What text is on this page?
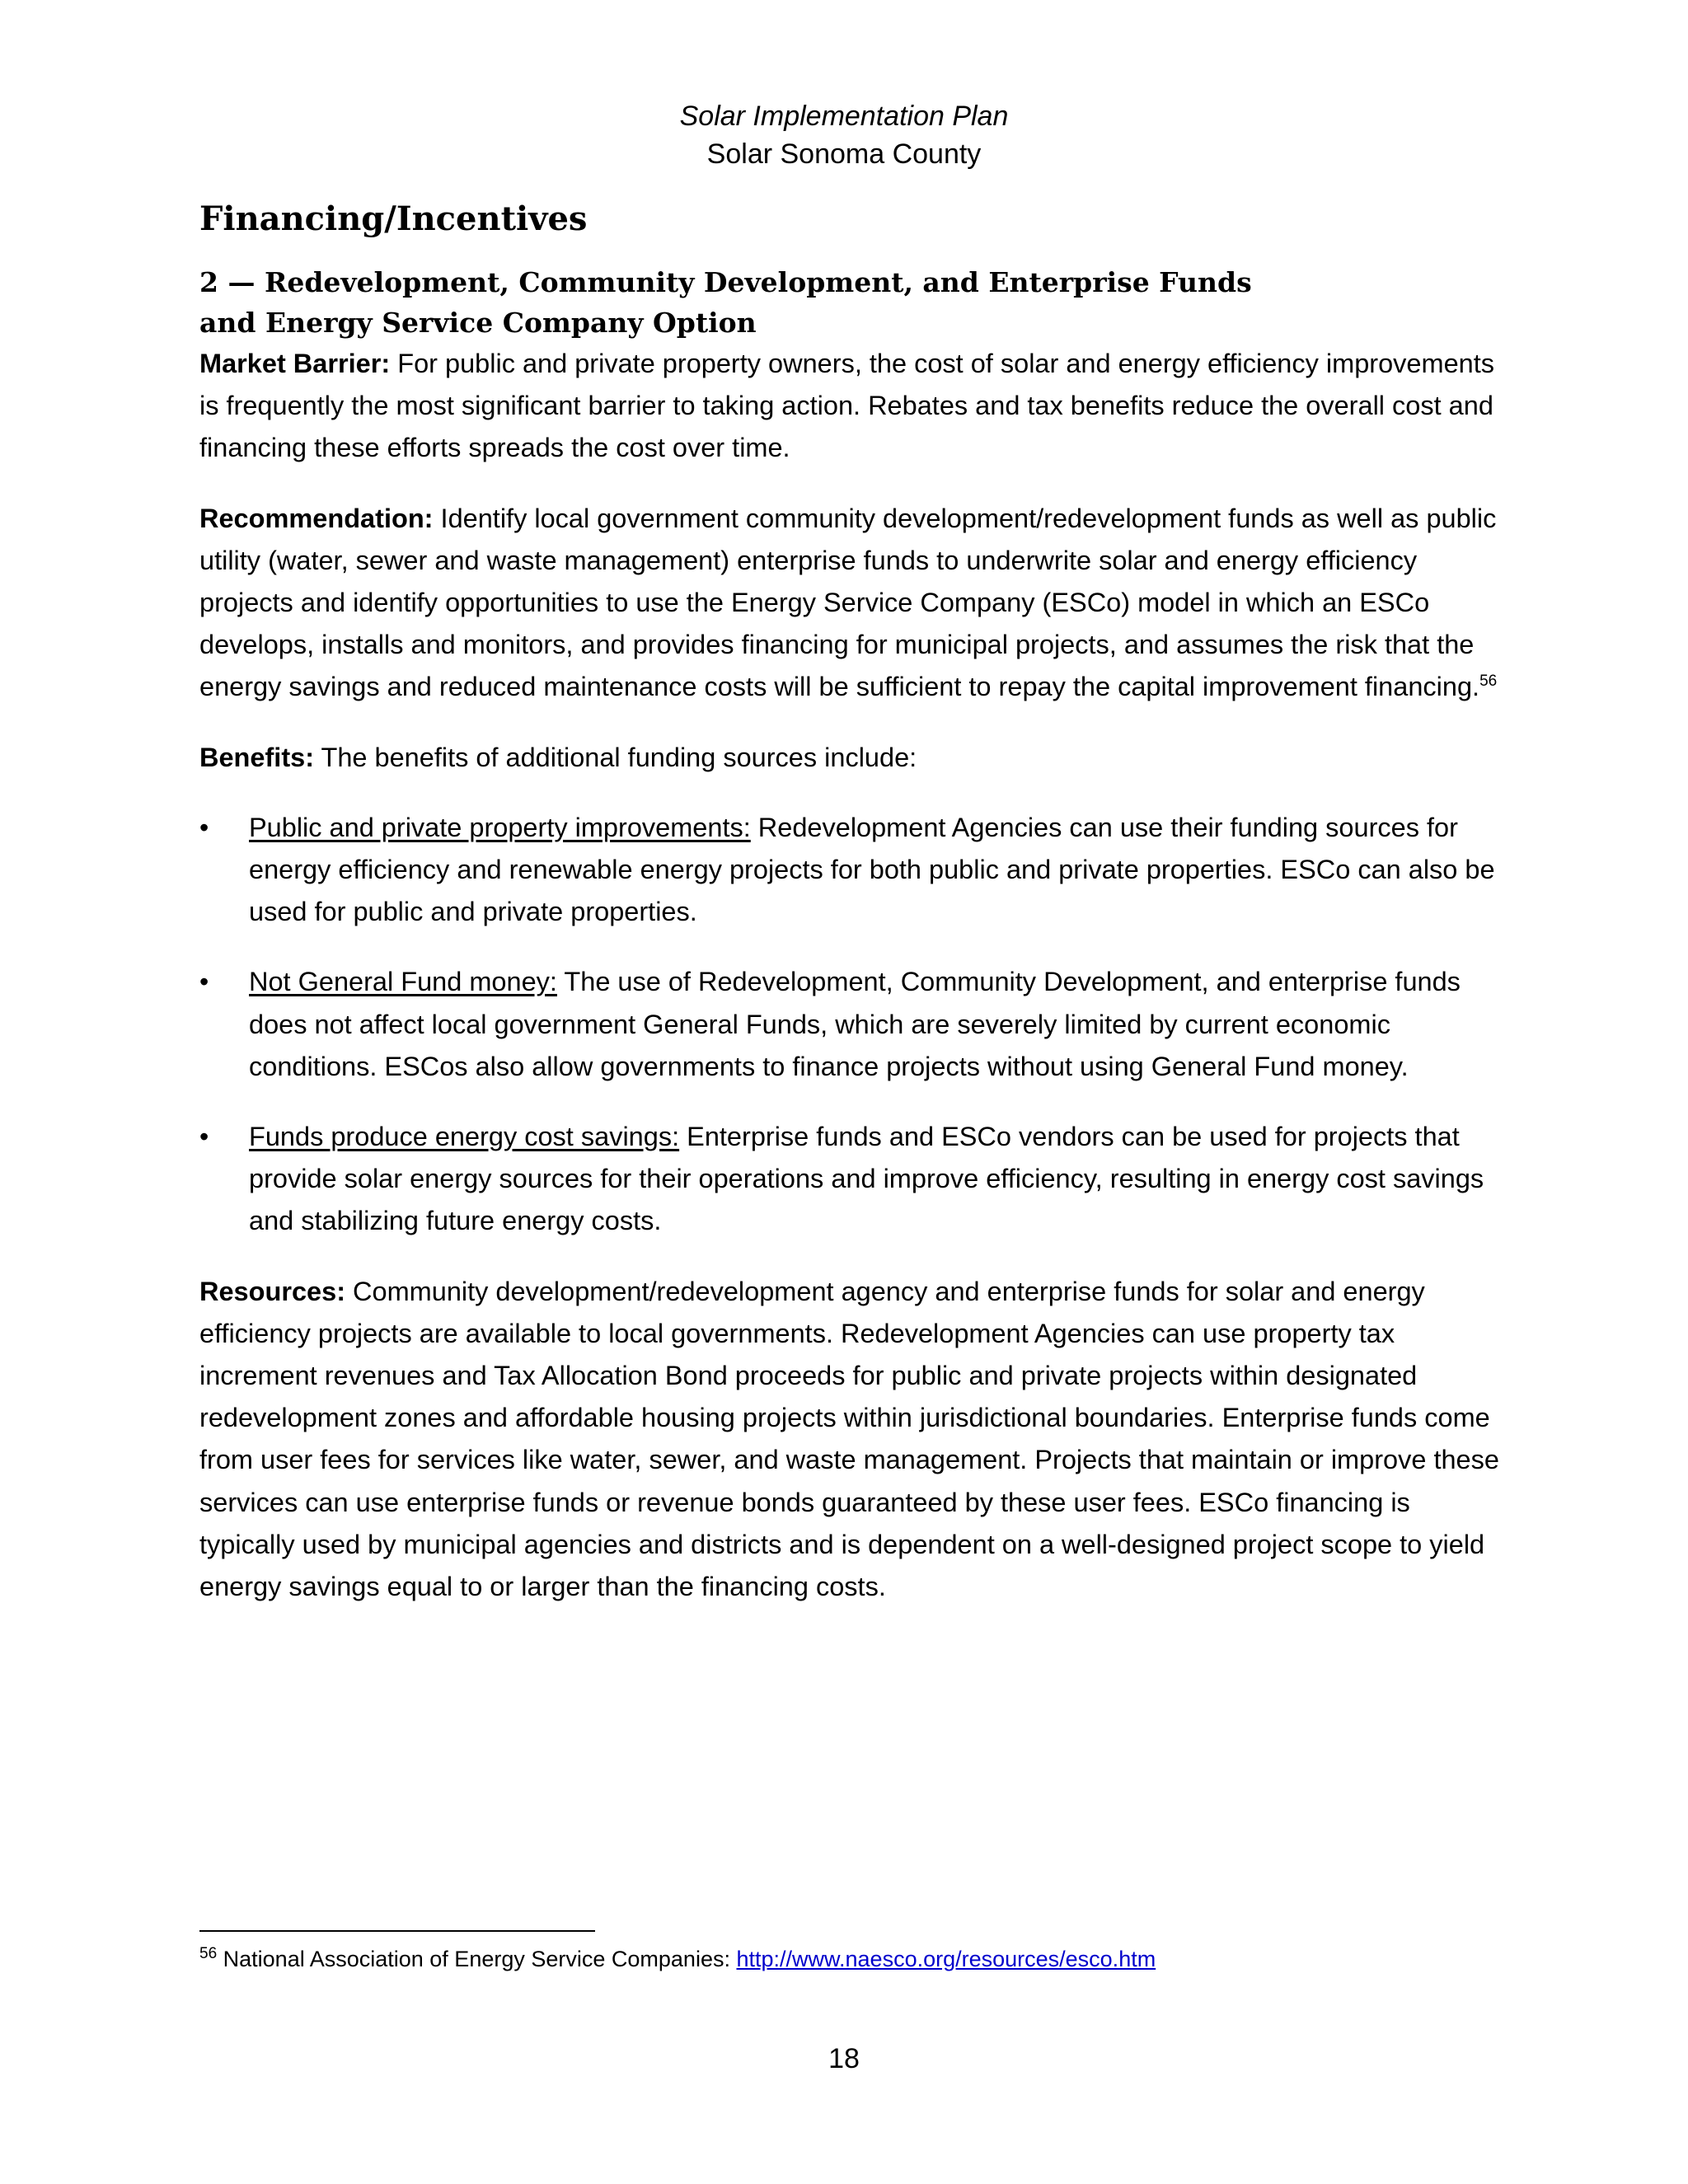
Solar Implementation Plan
Solar Sonoma County
Financing/Incentives
2 — Redevelopment, Community Development, and Enterprise Funds
and Energy Service Company Option

Market Barrier: For public and private property owners, the cost of solar and energy efficiency improvements is frequently the most significant barrier to taking action. Rebates and tax benefits reduce the overall cost and financing these efforts spreads the cost over time.

Recommendation: Identify local government community development/redevelopment funds as well as public utility (water, sewer and waste management) enterprise funds to underwrite solar and energy efficiency projects and identify opportunities to use the Energy Service Company (ESCo) model in which an ESCo develops, installs and monitors, and provides financing for municipal projects, and assumes the risk that the energy savings and reduced maintenance costs will be sufficient to repay the capital improvement financing.$^{56}$

Benefits: The benefits of additional funding sources include:

• Public and private property improvements: Redevelopment Agencies can use their funding sources for energy efficiency and renewable energy projects for both public and private properties. ESCo can also be used for public and private properties.
• Not General Fund money: The use of Redevelopment, Community Development, and enterprise funds does not affect local government General Funds, which are severely limited by current economic conditions. ESCos also allow governments to finance projects without using General Fund money.
• Funds produce energy cost savings: Enterprise funds and ESCo vendors can be used for projects that provide solar energy sources for their operations and improve efficiency, resulting in energy cost savings and stabilizing future energy costs.

Resources: Community development/redevelopment agency and enterprise funds for solar and energy efficiency projects are available to local governments. Redevelopment Agencies can use property tax increment revenues and Tax Allocation Bond proceeds for public and private projects within designated redevelopment zones and affordable housing projects within jurisdictional boundaries. Enterprise funds come from user fees for services like water, sewer, and waste management. Projects that maintain or improve these services can use enterprise funds or revenue bonds guaranteed by these user fees. ESCo financing is typically used by municipal agencies and districts and is dependent on a well-designed project scope to yield energy savings equal to or larger than the financing costs.

$^{56}$ National Association of Energy Service Companies: http://www.naesco.org/resources/esco.htm
18
